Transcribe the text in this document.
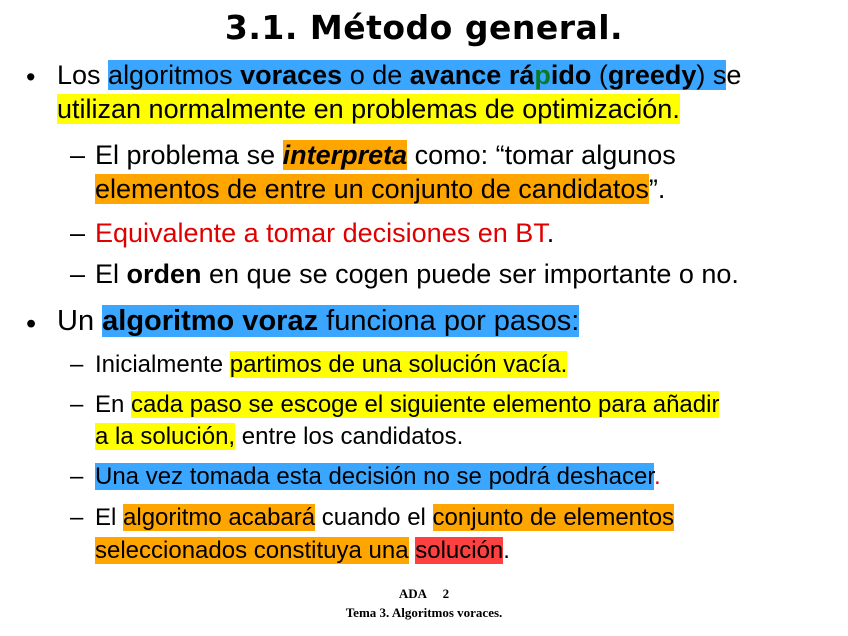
3.1. Método general.
• Los algoritmos voraces o de avance rápido (greedy) se
utilizan normalmente en problemas de optimización.
– El problema se interpreta como: “tomar algunos
elementos de entre un conjunto de candidatos”.
– Equivalente a tomar decisiones en BT.
– El orden en que se cogen puede ser importante o no.
• Un algoritmo voraz funciona por pasos:
– Inicialmente partimos de una solución vacía.
– En cada paso se escoge el siguiente elemento para añadir
a la solución, entre los candidatos.
– Una vez tomada esta decisión no se podrá deshacer.
– El algoritmo acabará cuando el conjunto de elementos
seleccionados constituya una solución.
ADA     2
Tema 3. Algoritmos voraces.
